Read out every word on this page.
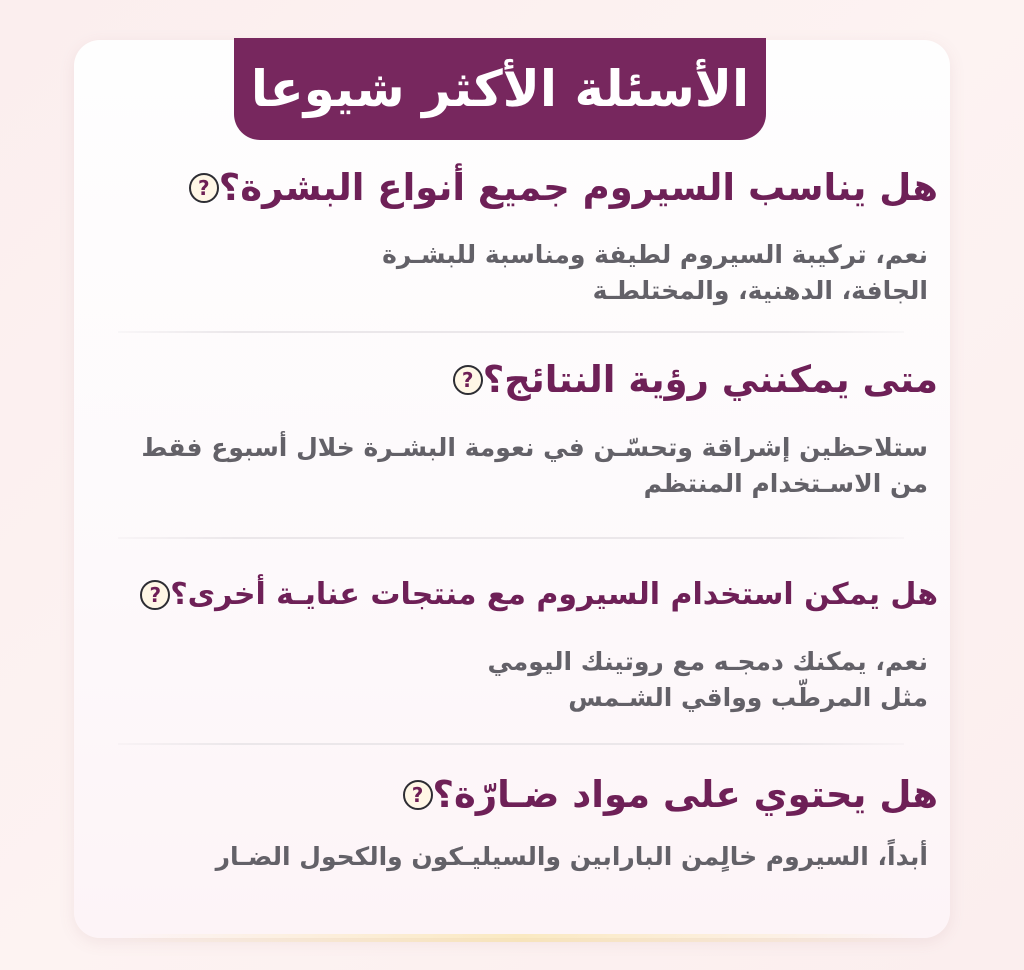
الأسئلة الأكثر شيوعا
? هل يناسب السيروم جميع أنواع البشرة؟
نعم، تركيبة السيروم لطيفة ومناسبة للبشـرة
الجافة، الدهنية، والمختلطـة
? متى يمكنني رؤية النتائج؟
ستلاحظين إشراقة وتحسّـن في نعومة البشـرة خلال أسبوع فقط
من الاسـتخدام المنتظم
? هل يمكن استخدام السيروم مع منتجات عنايـة أخرى؟
نعم، يمكنك دمجـه مع روتينك اليومي
مثل المرطّب وواقي الشـمس
? هل يحتوي على مواد ضـارّة؟
أبداً، السيروم خالٍمن البارابين والسيليـكون والكحول الضـار
